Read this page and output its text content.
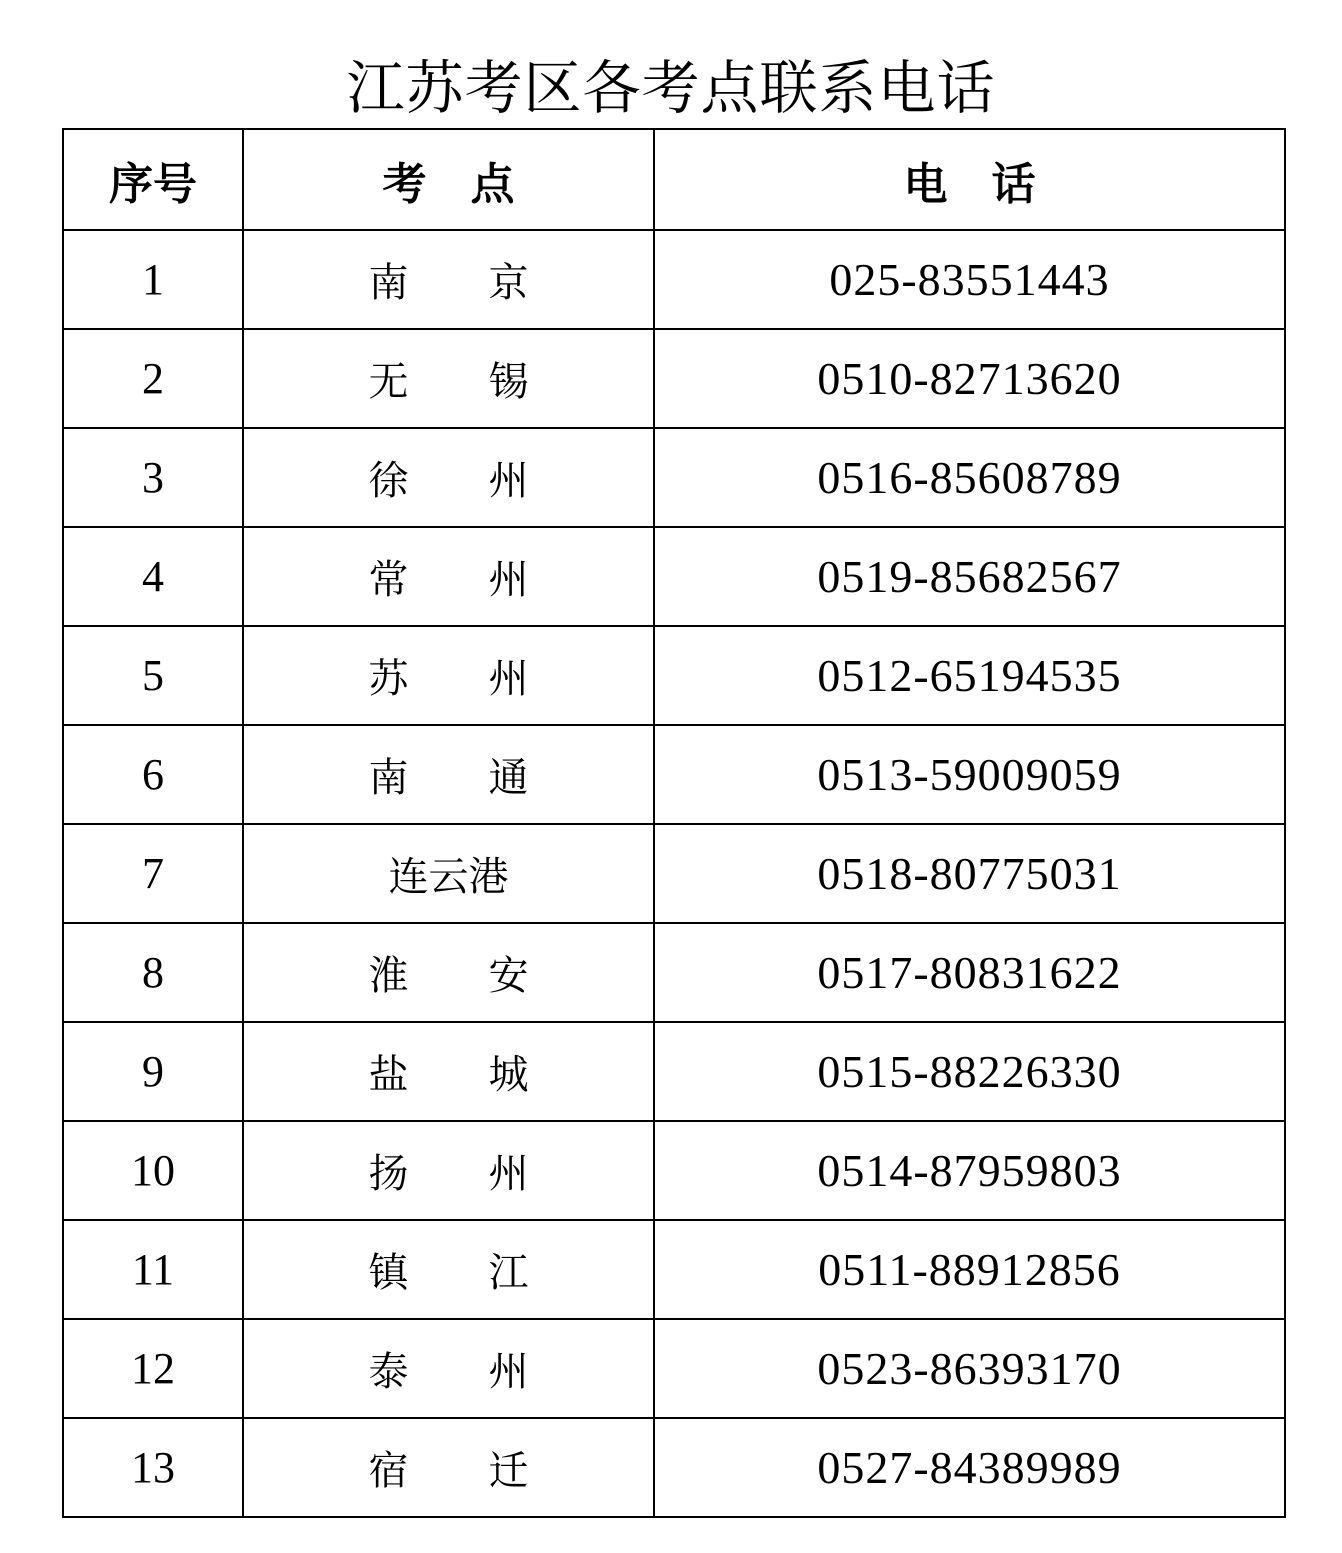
江苏考区各考点联系电话
序号	考　点	电　话
1	南　　京	025-83551443
2	无　　锡	0510-82713620
3	徐　　州	0516-85608789
4	常　　州	0519-85682567
5	苏　　州	0512-65194535
6	南　　通	0513-59009059
7	连云港	0518-80775031
8	淮　　安	0517-80831622
9	盐　　城	0515-88226330
10	扬　　州	0514-87959803
11	镇　　江	0511-88912856
12	泰　　州	0523-86393170
13	宿　　迁	0527-84389989
